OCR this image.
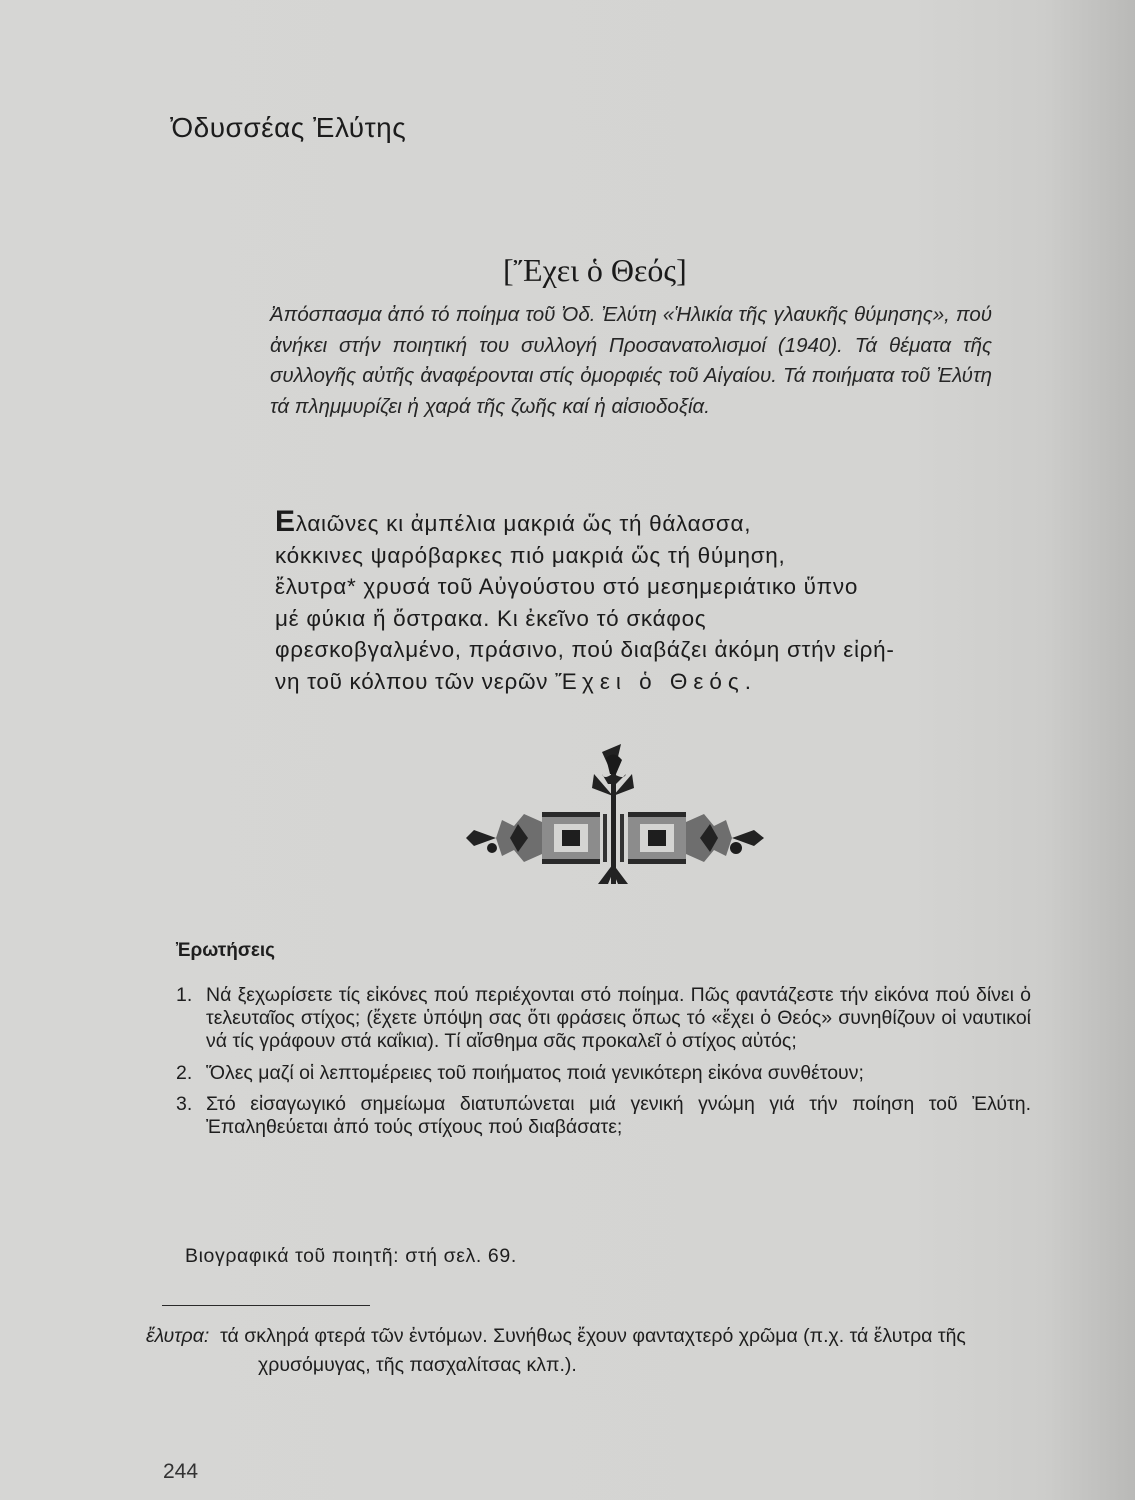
Ὀδυσσέας Ἐλύτης
[Ἔχει ὁ Θεός]
Ἀπόσπασμα ἀπό τό ποίημα τοῦ Ὀδ. Ἐλύτη «Ἡλικία τῆς γλαυκῆς θύμησης», πού ἀνήκει στήν ποιητική του συλλογή Προσανατολισμοί (1940). Τά θέματα τῆς συλλογῆς αὐτῆς ἀναφέρονται στίς ὀμορφιές τοῦ Αἰγαίου. Τά ποιήματα τοῦ Ἐλύτη τά πλημμυρίζει ἡ χαρά τῆς ζωῆς καί ἡ αἰσιοδοξία.
Ελαιῶνες κι ἀμπέλια μακριά ὥς τή θάλασσα,
κόκκινες ψαρόβαρκες πιό μακριά ὥς τή θύμηση,
ἔλυτρα* χρυσά τοῦ Αὐγούστου στό μεσημεριάτικο ὕπνο
μέ φύκια ἤ ὄστρακα. Κι ἐκεῖνο τό σκάφος
φρεσκοβγαλμένο, πράσινο, πού διαβάζει ἀκόμη στήν εἰρή-
νη τοῦ κόλπου τῶν νερῶν Ἔχει ὁ Θεός.
Ἐρωτήσεις
1. Νά ξεχωρίσετε τίς εἰκόνες πού περιέχονται στό ποίημα. Πῶς φαντάζεστε τήν εἰκόνα πού δίνει ὁ τελευταῖος στίχος; (ἔχετε ὑπόψη σας ὅτι φράσεις ὅπως τό «ἔχει ὁ Θεός» συνηθίζουν οἱ ναυτικοί νά τίς γράφουν στά καΐκια). Τί αἴσθημα σᾶς προκαλεῖ ὁ στίχος αὐτός;
2. Ὅλες μαζί οἱ λεπτομέρειες τοῦ ποιήματος ποιά γενικότερη εἰκόνα συνθέτουν;
3. Στό εἰσαγωγικό σημείωμα διατυπώνεται μιά γενική γνώμη γιά τήν ποίηση τοῦ Ἐλύτη. Ἐπαληθεύεται ἀπό τούς στίχους πού διαβάσατε;
Βιογραφικά τοῦ ποιητῆ: στή σελ. 69.
ἔλυτρα: τά σκληρά φτερά τῶν ἐντόμων. Συνήθως ἔχουν φανταχτερό χρῶμα (π.χ. τά ἔλυτρα τῆς χρυσόμυγας, τῆς πασχαλίτσας κλπ.).
244
